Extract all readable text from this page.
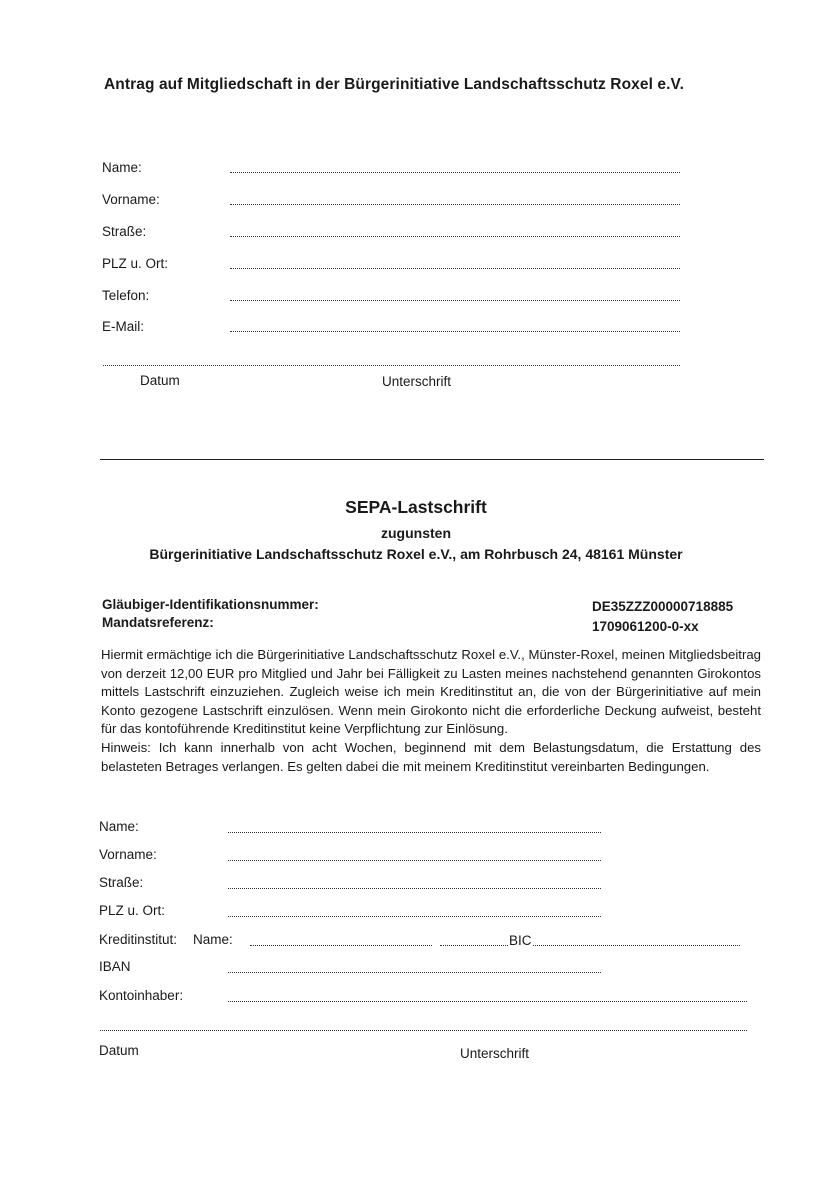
Antrag auf Mitgliedschaft in der Bürgerinitiative Landschaftsschutz Roxel e.V.
Name:
Vorname:
Straße:
PLZ u. Ort:
Telefon:
E-Mail:
Datum	Unterschrift
SEPA-Lastschrift
zugunsten
Bürgerinitiative Landschaftsschutz Roxel e.V., am Rohrbusch 24, 48161 Münster
Gläubiger-Identifikationsnummer:	DE35ZZZ00000718885
Mandatsreferenz:	1709061200-0-xx

Hiermit ermächtige ich die Bürgerinitiative Landschaftsschutz Roxel e.V., Münster-Roxel, meinen Mitgliedsbeitrag von derzeit 12,00 EUR pro Mitglied und Jahr bei Fälligkeit zu Lasten meines nachstehend genannten Girokontos mittels Lastschrift einzuziehen. Zugleich weise ich mein Kreditinstitut an, die von der Bürgerinitiative auf mein Konto gezogene Lastschrift einzulösen. Wenn mein Girokonto nicht die erforderliche Deckung aufweist, besteht für das kontoführende Kreditinstitut keine Verpflichtung zur Einlösung.

Hinweis: Ich kann innerhalb von acht Wochen, beginnend mit dem Belastungsdatum, die Erstattung des belasteten Betrages verlangen. Es gelten dabei die mit meinem Kreditinstitut vereinbarten Bedingungen.

Name:
Vorname:
Straße:
PLZ u. Ort:
Kreditinstitut: Name:	BIC
IBAN
Kontoinhaber:
Datum	Unterschrift
